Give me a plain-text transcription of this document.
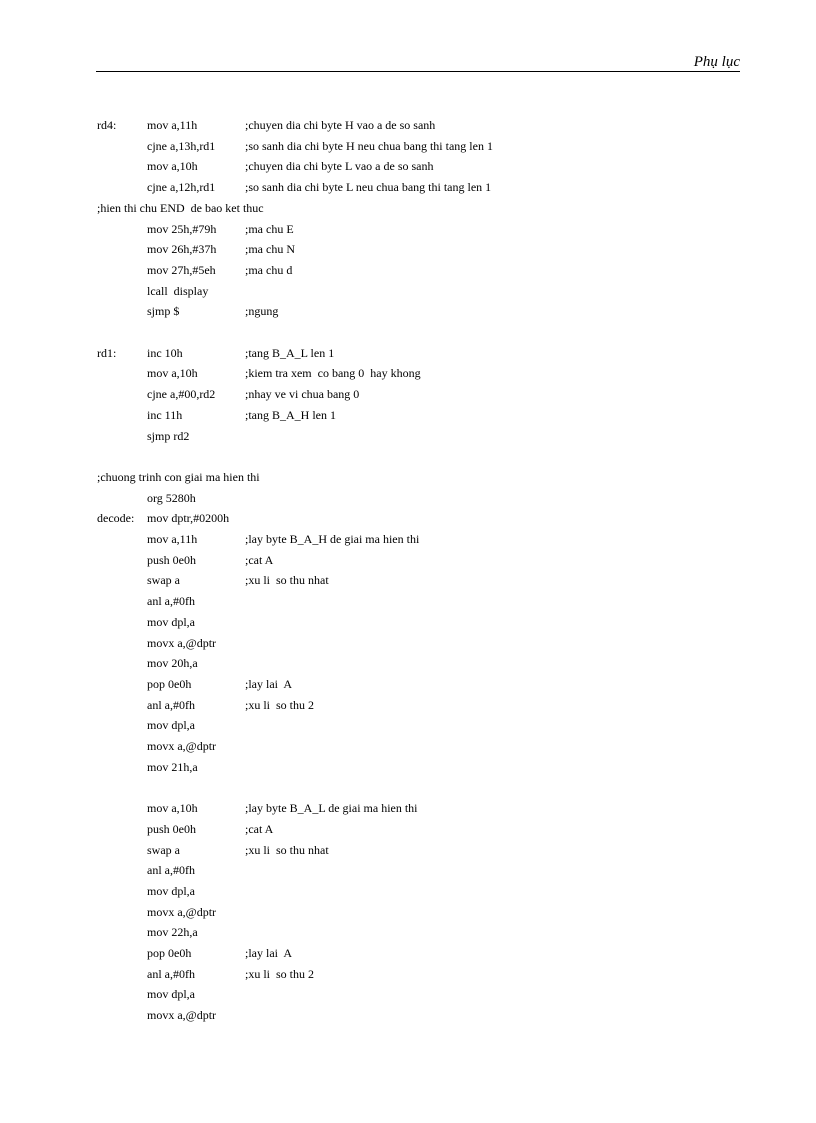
Phụ lục
rd4:	mov a,11h	;chuyen dia chi byte H vao a de so sanh
cjne a,13h,rd1 ;so sanh dia chi byte H neu chua bang thi tang len 1
mov a,10h	;chuyen dia chi byte L vao a de so sanh
cjne a,12h,rd1 ;so sanh dia chi byte L neu chua bang thi tang len 1
;hien thi chu END  de bao ket thuc
mov 25h,#79h ;ma chu E
mov 26h,#37h ;ma chu N
mov 27h,#5eh ;ma chu d
lcall  display
sjmp $	;ngung
rd1:	inc 10h	;tang B_A_L len 1
mov a,10h	;kiem tra xem  co bang 0  hay khong
cjne a,#00,rd2 ;nhay ve vi chua bang 0
inc 11h	;tang B_A_H len 1
sjmp rd2
;chuong trinh con giai ma hien thi
org 5280h
decode: mov dptr,#0200h
mov a,11h	;lay byte B_A_H de giai ma hien thi
push 0e0h	;cat A
swap a	;xu li  so thu nhat
anl a,#0fh
mov dpl,a
movx a,@dptr
mov 20h,a
pop 0e0h	;lay lai  A
anl a,#0fh	;xu li  so thu 2
mov dpl,a
movx a,@dptr
mov 21h,a
mov a,10h	;lay byte B_A_L de giai ma hien thi
push 0e0h	;cat A
swap a	;xu li  so thu nhat
anl a,#0fh
mov dpl,a
movx a,@dptr
mov 22h,a
pop 0e0h	;lay lai  A
anl a,#0fh	;xu li  so thu 2
mov dpl,a
movx a,@dptr
